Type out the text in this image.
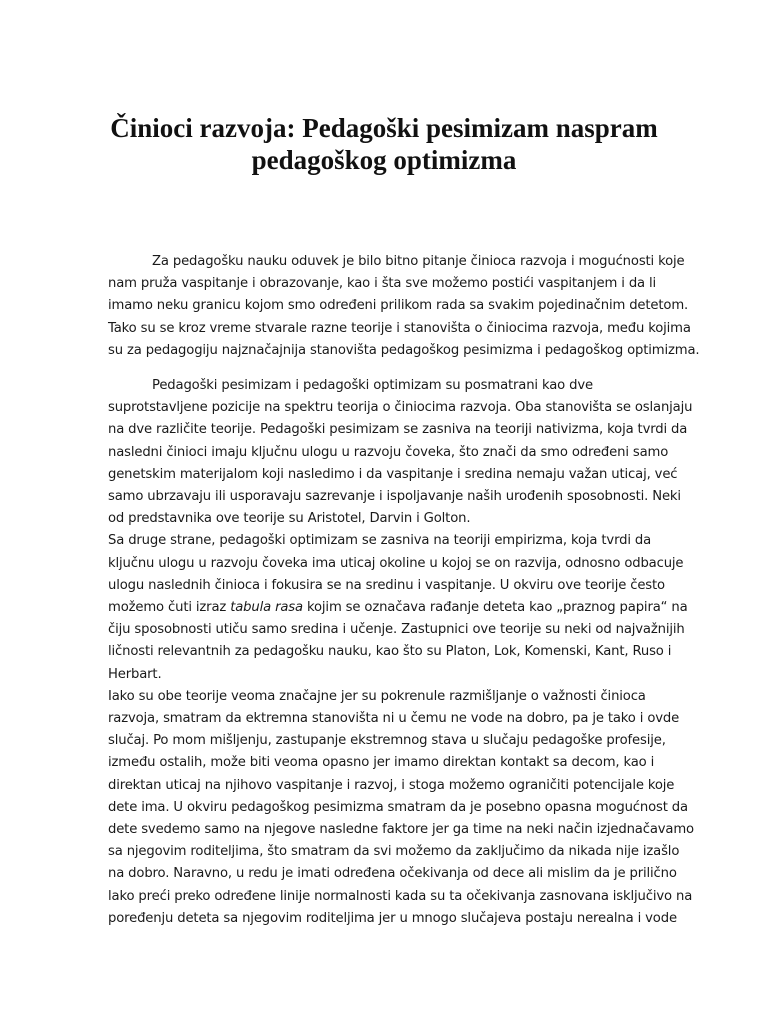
Činioci razvoja: Pedagoški pesimizam naspram
pedagoškog optimizma

Za pedagošku nauku oduvek je bilo bitno pitanje činioca razvoja i mogućnosti koje
nam pruža vaspitanje i obrazovanje, kao i šta sve možemo postići vaspitanjem i da li
imamo neku granicu kojom smo određeni prilikom rada sa svakim pojedinačnim detetom.
Tako su se kroz vreme stvarale razne teorije i stanovišta o činiocima razvoja, među kojima
su za pedagogiju najznačajnija stanovišta pedagoškog pesimizma i pedagoškog optimizma.

Pedagoški pesimizam i pedagoški optimizam su posmatrani kao dve
suprotstavljene pozicije na spektru teorija o činiocima razvoja. Oba stanovišta se oslanjaju
na dve različite teorije. Pedagoški pesimizam se zasniva na teoriji nativizma, koja tvrdi da
nasledni činioci imaju ključnu ulogu u razvoju čoveka, što znači da smo određeni samo
genetskim materijalom koji nasledimo i da vaspitanje i sredina nemaju važan uticaj, već
samo ubrzavaju ili usporavaju sazrevanje i ispoljavanje naših urođenih sposobnosti. Neki
od predstavnika ove teorije su Aristotel, Darvin i Golton.

Sa druge strane, pedagoški optimizam se zasniva na teoriji empirizma, koja tvrdi da
ključnu ulogu u razvoju čoveka ima uticaj okoline u kojoj se on razvija, odnosno odbacuje
ulogu naslednih činioca i fokusira se na sredinu i vaspitanje. U okviru ove teorije često
možemo čuti izraz tabula rasa kojim se označava rađanje deteta kao „praznog papira“ na
čiju sposobnosti utiču samo sredina i učenje. Zastupnici ove teorije su neki od najvažnijih
ličnosti relevantnih za pedagošku nauku, kao što su Platon, Lok, Komenski, Kant, Ruso i
Herbart.

Iako su obe teorije veoma značajne jer su pokrenule razmišljanje o važnosti činioca
razvoja, smatram da ektremna stanovišta ni u čemu ne vode na dobro, pa je tako i ovde
slučaj. Po mom mišljenju, zastupanje ekstremnog stava u slučaju pedagoške profesije,
između ostalih, može biti veoma opasno jer imamo direktan kontakt sa decom, kao i
direktan uticaj na njihovo vaspitanje i razvoj, i stoga možemo ograničiti potencijale koje
dete ima. U okviru pedagoškog pesimizma smatram da je posebno opasna mogućnost da
dete svedemo samo na njegove nasledne faktore jer ga time na neki način izjednačavamo
sa njegovim roditeljima, što smatram da svi možemo da zaključimo da nikada nije izašlo
na dobro. Naravno, u redu je imati određena očekivanja od dece ali mislim da je prilično
lako preći preko određene linije normalnosti kada su ta očekivanja zasnovana isključivo na
poređenju deteta sa njegovim roditeljima jer u mnogo slučajeva postaju nerealna i vode
